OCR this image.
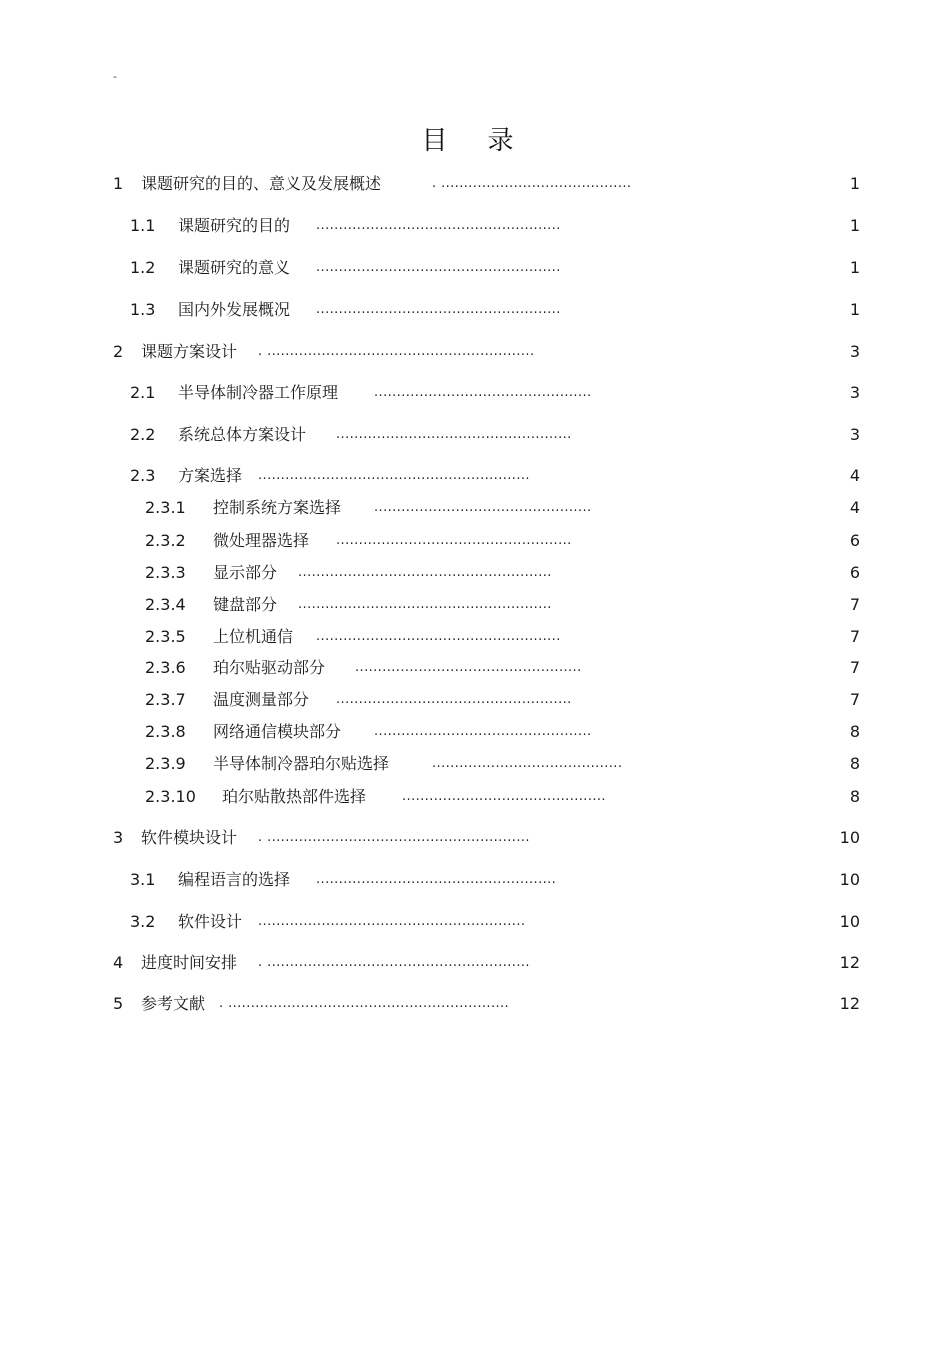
-
目录
1 课题研究的目的、意义及发展概述	. ..........................................	1
1.1 课题研究的目的 ......................................................	1
1.2 课题研究的意义 ......................................................	1
1.3 国内外发展概况 ......................................................	1
2 课题方案设计 . ...........................................................	3
2.1 半导体制冷器工作原理	................................................	3
2.2 系统总体方案设计 ....................................................	3
2.3 方案选择 ............................................................	4
2.3.1 控制系统方案选择	................................................	4
2.3.2 微处理器选择 ....................................................	6
2.3.3 显示部分 ........................................................	6
2.3.4 键盘部分 ........................................................	7
2.3.5 上位机通信 ......................................................	7
2.3.6 珀尔贴驱动部分 ..................................................	7
2.3.7 温度测量部分 ....................................................	7
2.3.8 网络通信模块部分	................................................	8
2.3.9 半导体制冷器珀尔贴选择	..........................................	8
2.3.10 珀尔贴散热部件选择	.............................................	8
3 软件模块设计 . ..........................................................	10
3.1 编程语言的选择 .....................................................	10
3.2 软件设计 ...........................................................	10
4 进度时间安排 . ..........................................................	12
5 参考文献 . ..............................................................	12
